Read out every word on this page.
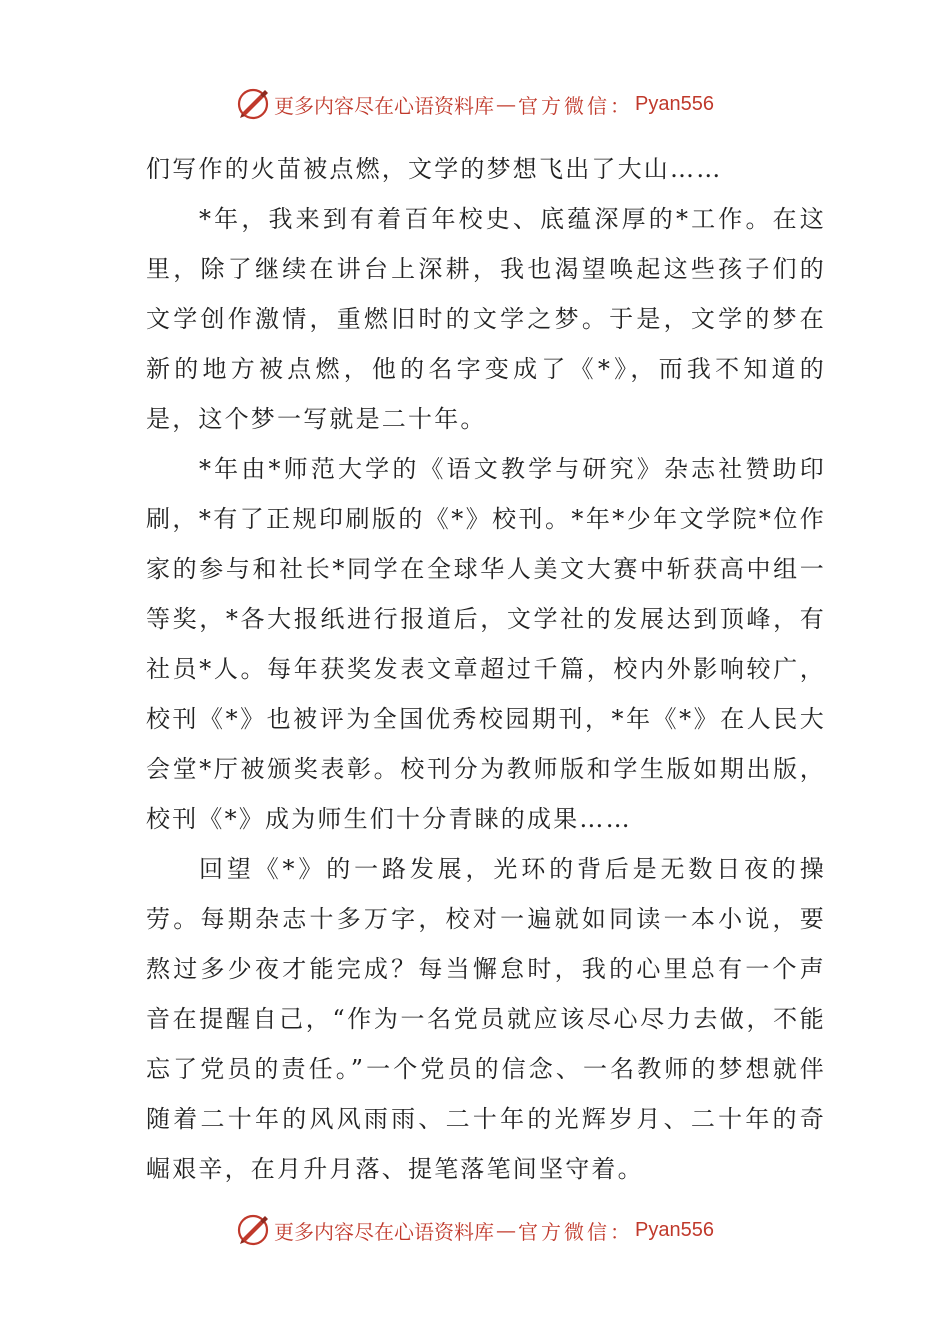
更多内容尽在心语资料库 — 官方微信： Pyan556

们写作的火苗被点燃，文学的梦想飞出了大山……

*年，我来到有着百年校史、底蕴深厚的*工作。在这里，除了继续在讲台上深耕，我也渴望唤起这些孩子们的文学创作激情，重燃旧时的文学之梦。于是，文学的梦在新的地方被点燃，他的名字变成了《*》，而我不知道的是，这个梦一写就是二十年。

*年由*师范大学的《语文教学与研究》杂志社赞助印刷，*有了正规印刷版的《*》校刊。*年*少年文学院*位作家的参与和社长*同学在全球华人美文大赛中斩获高中组一等奖，*各大报纸进行报道后，文学社的发展达到顶峰，有社员*人。每年获奖发表文章超过千篇，校内外影响较广，校刊《*》也被评为全国优秀校园期刊，*年《*》在人民大会堂*厅被颁奖表彰。校刊分为教师版和学生版如期出版，校刊《*》成为师生们十分青睐的成果……

回望《*》的一路发展，光环的背后是无数日夜的操劳。每期杂志十多万字，校对一遍就如同读一本小说，要熬过多少夜才能完成？每当懈怠时，我的心里总有一个声音在提醒自己，“作为一名党员就应该尽心尽力去做，不能忘了党员的责任。”一个党员的信念、一名教师的梦想就伴随着二十年的风风雨雨、二十年的光辉岁月、二十年的奇崛艰辛，在月升月落、提笔落笔间坚守着。

更多内容尽在心语资料库 — 官方微信： Pyan556
